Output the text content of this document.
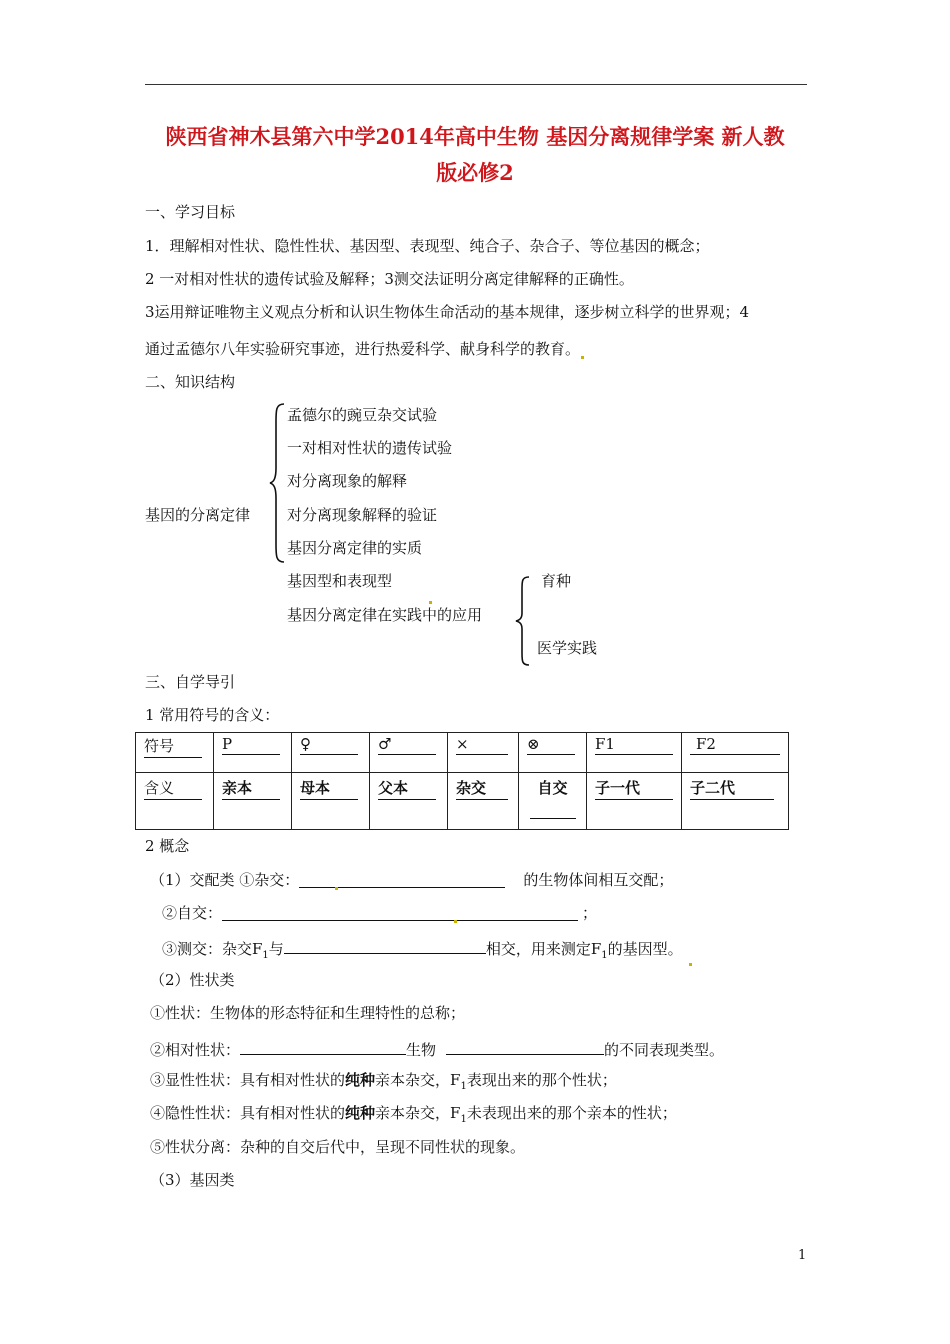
陕西省神木县第六中学2014年高中生物 基因分离规律学案 新人教
版必修2
一、学习目标
1．理解相对性状、隐性性状、基因型、表现型、纯合子、杂合子、等位基因的概念；
2 一对相对性状的遗传试验及解释；3测交法证明分离定律解释的正确性。
3运用辩证唯物主义观点分析和认识生物体生命活动的基本规律，逐步树立科学的世界观；4
通过孟德尔八年实验研究事迹，进行热爱科学、献身科学的教育。
二、知识结构
孟德尔的豌豆杂交试验
一对相对性状的遗传试验
对分离现象的解释
基因的分离定律 对分离现象解释的验证
基因分离定律的实质
基因型和表现型
基因分离定律在实践中的应用
育种
医学实践
三、自学导引
1 常用符号的含义：
符号	P	♀	♂	×	⊗	F1	F2
含义	亲本	母本	父本	杂交	自交	子一代	子二代
2 概念
（1）交配类 ①杂交：	的生物体间相互交配；
②自交：	；
③测交：杂交$F_1$与	相交，用来测定$F_1$的基因型。
（2）性状类
①性状：生物体的形态特征和生理特性的总称；
②相对性状：	生物	的不同表现类型。
③显性性状：具有相对性状的纯种亲本杂交，$F_1$表现出来的那个性状；
④隐性性状：具有相对性状的纯种亲本杂交，$F_1$未表现出来的那个亲本的性状；
⑤性状分离：杂种的自交后代中，呈现不同性状的现象。
（3）基因类
1
